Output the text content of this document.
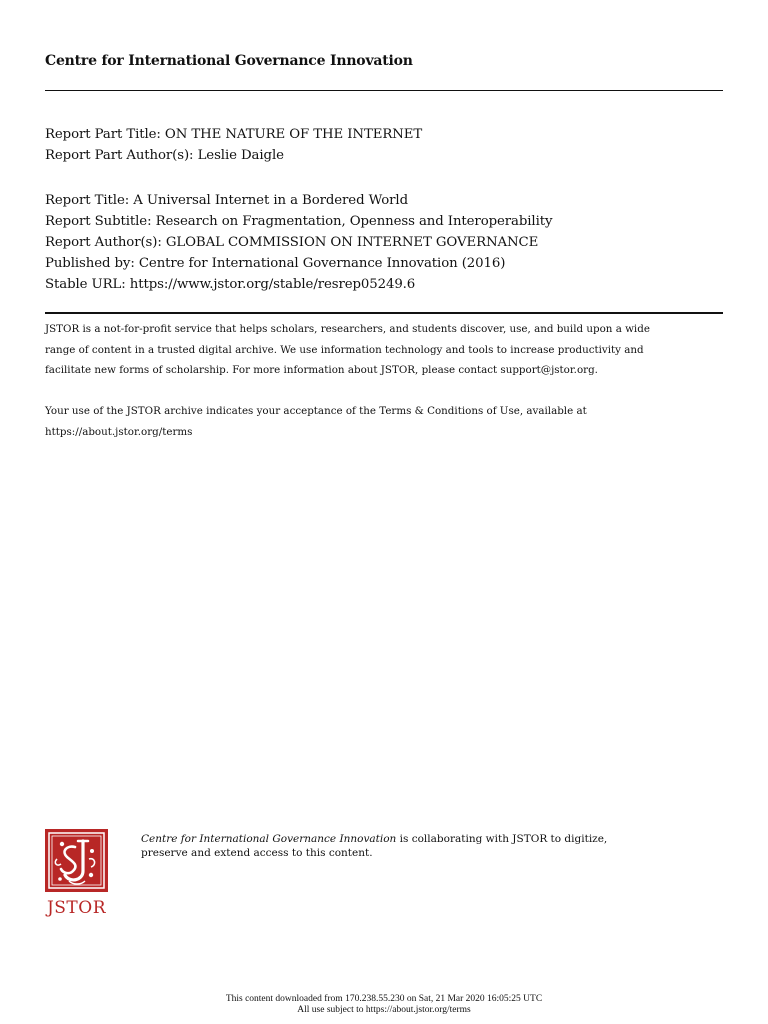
Centre for International Governance Innovation
Report Part Title: ON THE NATURE OF THE INTERNET
Report Part Author(s): Leslie Daigle
Report Title: A Universal Internet in a Bordered World
Report Subtitle: Research on Fragmentation, Openness and Interoperability
Report Author(s): GLOBAL COMMISSION ON INTERNET GOVERNANCE
Published by: Centre for International Governance Innovation (2016)
Stable URL: https://www.jstor.org/stable/resrep05249.6
JSTOR is a not-for-profit service that helps scholars, researchers, and students discover, use, and build upon a wide
range of content in a trusted digital archive. We use information technology and tools to increase productivity and
facilitate new forms of scholarship. For more information about JSTOR, please contact support@jstor.org.
Your use of the JSTOR archive indicates your acceptance of the Terms & Conditions of Use, available at
https://about.jstor.org/terms
JSTOR
Centre for International Governance Innovation is collaborating with JSTOR to digitize,
preserve and extend access to this content.
This content downloaded from 170.238.55.230 on Sat, 21 Mar 2020 16:05:25 UTC
All use subject to https://about.jstor.org/terms
